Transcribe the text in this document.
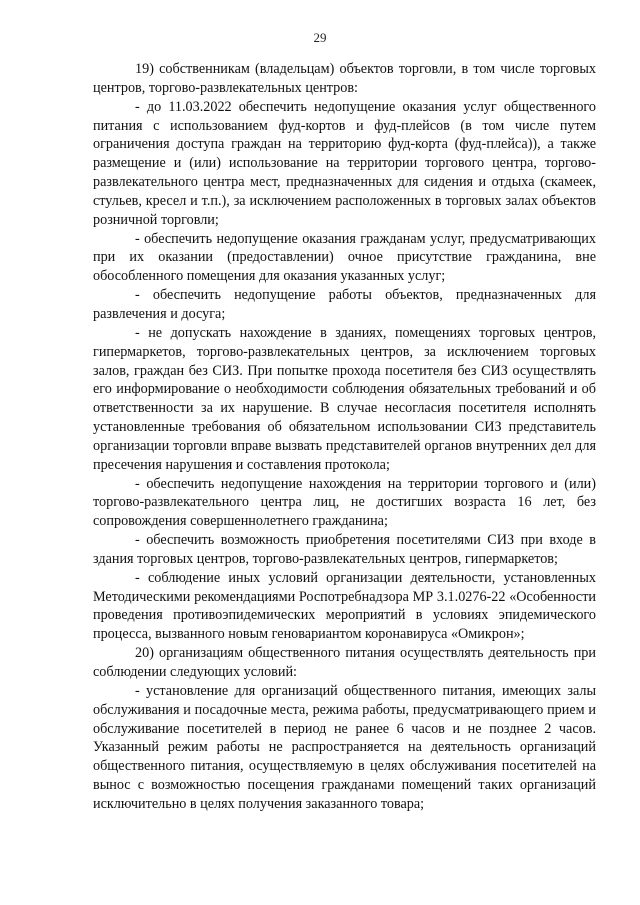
29

19) собственникам (владельцам) объектов торговли, в том числе торговых центров, торгово-развлекательных центров:

- до 11.03.2022 обеспечить недопущение оказания услуг общественного питания с использованием фуд-кортов и фуд-плейсов (в том числе путем ограничения доступа граждан на территорию фуд-корта (фуд-плейса)), а также размещение и (или) использование на территории торгового центра, торгово-развлекательного центра мест, предназначенных для сидения и отдыха (скамеек, стульев, кресел и т.п.), за исключением расположенных в торговых залах объектов розничной торговли;

- обеспечить недопущение оказания гражданам услуг, предусматривающих при их оказании (предоставлении) очное присутствие гражданина, вне обособленного помещения для оказания указанных услуг;

- обеспечить недопущение работы объектов, предназначенных для развлечения и досуга;

- не допускать нахождение в зданиях, помещениях торговых центров, гипермаркетов, торгово-развлекательных центров, за исключением торговых залов, граждан без СИЗ. При попытке прохода посетителя без СИЗ осуществлять его информирование о необходимости соблюдения обязательных требований и об ответственности за их нарушение. В случае несогласия посетителя исполнять установленные требования об обязательном использовании СИЗ представитель организации торговли вправе вызвать представителей органов внутренних дел для пресечения нарушения и составления протокола;

- обеспечить недопущение нахождения на территории торгового и (или) торгово-развлекательного центра лиц, не достигших возраста 16 лет, без сопровождения совершеннолетнего гражданина;

- обеспечить возможность приобретения посетителями СИЗ при входе в здания торговых центров, торгово-развлекательных центров, гипермаркетов;

- соблюдение иных условий организации деятельности, установленных Методическими рекомендациями Роспотребнадзора МР 3.1.0276-22 «Особенности проведения противоэпидемических мероприятий в условиях эпидемического процесса, вызванного новым геновариантом коронавируса «Омикрон»;

20) организациям общественного питания осуществлять деятельность при соблюдении следующих условий:

- установление для организаций общественного питания, имеющих залы обслуживания и посадочные места, режима работы, предусматривающего прием и обслуживание посетителей в период не ранее 6 часов и не позднее 2 часов. Указанный режим работы не распространяется на деятельность организаций общественного питания, осуществляемую в целях обслуживания посетителей на вынос с возможностью посещения гражданами помещений таких организаций исключительно в целях получения заказанного товара;
